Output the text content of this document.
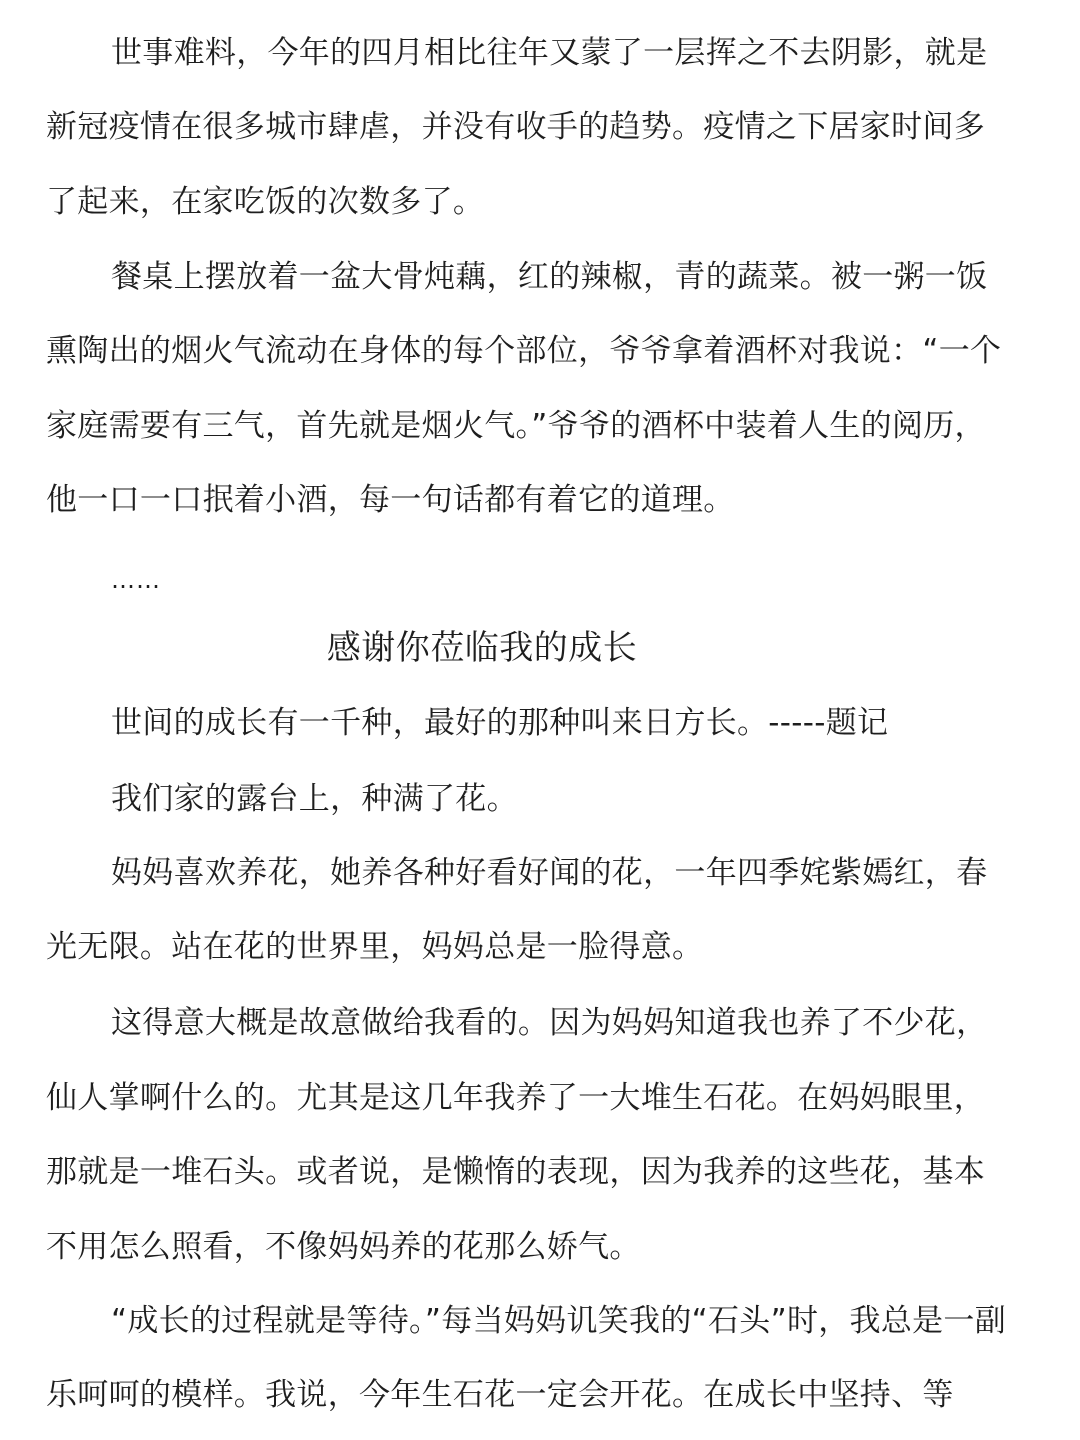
世事难料，今年的四月相比往年又蒙了一层挥之不去阴影，就是
新冠疫情在很多城市肆虐，并没有收手的趋势。疫情之下居家时间多
了起来，在家吃饭的次数多了。
餐桌上摆放着一盆大骨炖藕，红的辣椒，青的蔬菜。被一粥一饭
熏陶出的烟火气流动在身体的每个部位，爷爷拿着酒杯对我说：“一个
家庭需要有三气，首先就是烟火气。”爷爷的酒杯中装着人生的阅历，
他一口一口抿着小酒，每一句话都有着它的道理。
……
感谢你莅临我的成长
世间的成长有一千种，最好的那种叫来日方长。-----题记
我们家的露台上，种满了花。
妈妈喜欢养花，她养各种好看好闻的花，一年四季姹紫嫣红，春
光无限。站在花的世界里，妈妈总是一脸得意。
这得意大概是故意做给我看的。因为妈妈知道我也养了不少花，
仙人掌啊什么的。尤其是这几年我养了一大堆生石花。在妈妈眼里，
那就是一堆石头。或者说，是懒惰的表现，因为我养的这些花，基本
不用怎么照看，不像妈妈养的花那么娇气。
“成长的过程就是等待。”每当妈妈讥笑我的“石头”时，我总是一副
乐呵呵的模样。我说，今年生石花一定会开花。在成长中坚持、等
